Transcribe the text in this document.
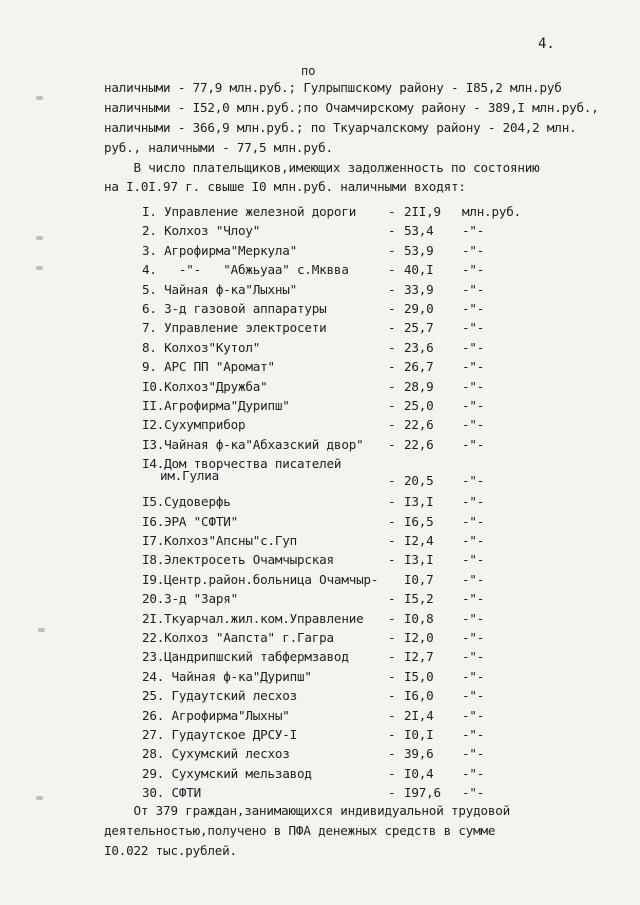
4.
по
наличными - 77,9 млн.руб.; Гулрыпшскому району - I85,2 млн.руб
наличными - I52,0 млн.руб.;по Очамчирскому району - 389,I млн.руб.,
наличными - 366,9 млн.руб.; по Ткуарчалскому району - 204,2 млн.
руб., наличными - 77,5 млн.руб.
В число плательщиков,имеющих задолженность по состоянию
на I.0I.97 г. свыше I0 млн.руб. наличными входят:
I. Управление железной дороги	- 2II,9 млн.руб.
2. Колхоз "Члоу"	- 53,4 -"-
3. Агрофирма"Меркула"	- 53,9 -"-
4.   -"-   "Абжьуаа" с.Мквва	- 40,I -"-
5. Чайная ф-ка"Лыхны"	- 33,9 -"-
6. З-д газовой аппаратуры	- 29,0 -"-
7. Управление электросети	- 25,7 -"-
8. Колхоз"Кутол"	- 23,6 -"-
9. АРС ПП "Аромат"	- 26,7 -"-
I0.Колхоз"Дружба"	- 28,9 -"-
II.Агрофирма"Дурипш"	- 25,0 -"-
I2.Сухумприбор	- 22,6 -"-
I3.Чайная ф-ка"Абхазский двор" - 22,6 -"-
I4.Дом творчества писателей
им.Гулиа	- 20,5 -"-
I5.Судоверфь	- I3,I -"-
I6.ЭРА "СФТИ"	- I6,5 -"-
I7.Колхоз"Апсны"с.Гуп	- I2,4 -"-
I8.Электросеть Очамчырская	- I3,I -"-
I9.Центр.район.больница Очамчыр- I0,7 -"-
20.З-д "Заря"	- I5,2 -"-
2I.Ткуарчал.жил.ком.Управление - I0,8 -"-
22.Колхоз "Аапста" г.Гагра	- I2,0 -"-
23.Цандрипшский табфермзавод	- I2,7 -"-
24. Чайная ф-ка"Дурипш"	- I5,0 -"-
25. Гудаутский лесхоз	- I6,0 -"-
26. Агрофирма"Лыхны"	- 2I,4 -"-
27. Гудаутское ДРСУ-I	- I0,I -"-
28. Сухумский лесхоз	- 39,6 -"-
29. Сухумский мельзавод	- I0,4 -"-
30. СФТИ	- I97,6 -"-
От 379 граждан,занимающихся индивидуальной трудовой
деятельностью,получено в ПФА денежных средств в сумме
I0.022 тыс.рублей.
